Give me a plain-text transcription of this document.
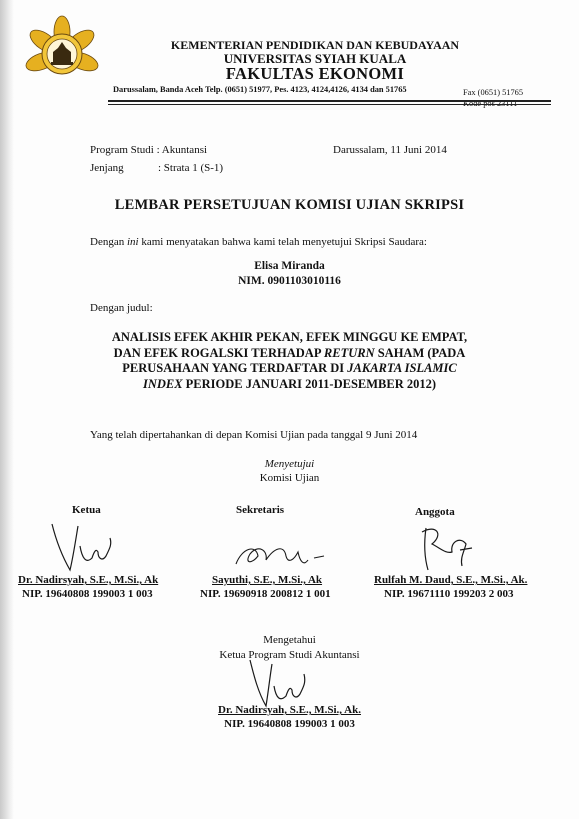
KEMENTERIAN PENDIDIKAN DAN KEBUDAYAAN
UNIVERSITAS SYIAH KUALA
FAKULTAS EKONOMI
Darussalam, Banda Aceh Telp. (0651) 51977, Pes. 4123, 4124,4126, 4134 dan 51765	Fax (0651) 51765
Kode pos 23111
Program Studi : Akuntansi	Darussalam, 11 Juni 2014
Jenjang	: Strata 1 (S-1)
LEMBAR PERSETUJUAN KOMISI UJIAN SKRIPSI
Dengan ini kami menyatakan bahwa kami telah menyetujui Skripsi Saudara:
Elisa Miranda
NIM. 0901103010116
Dengan judul:
ANALISIS EFEK AKHIR PEKAN, EFEK MINGGU KE EMPAT, DAN EFEK ROGALSKI TERHADAP RETURN SAHAM (PADA PERUSAHAAN YANG TERDAFTAR DI JAKARTA ISLAMIC INDEX PERIODE JANUARI 2011-DESEMBER 2012)
Yang telah dipertahankan di depan Komisi Ujian pada tanggal 9 Juni 2014
Menyetujui
Komisi Ujian
Ketua	Sekretaris	Anggota
Dr. Nadirsyah, S.E., M.Si., Ak
NIP. 19640808 199003 1 003
Sayuthi, S.E., M.Si., Ak
NIP. 19690918 200812 1 001
Rulfah M. Daud, S.E., M.Si., Ak.
NIP. 19671110 199203 2 003
Mengetahui
Ketua Program Studi Akuntansi
Dr. Nadirsyah, S.E., M.Si., Ak.
NIP. 19640808 199003 1 003
